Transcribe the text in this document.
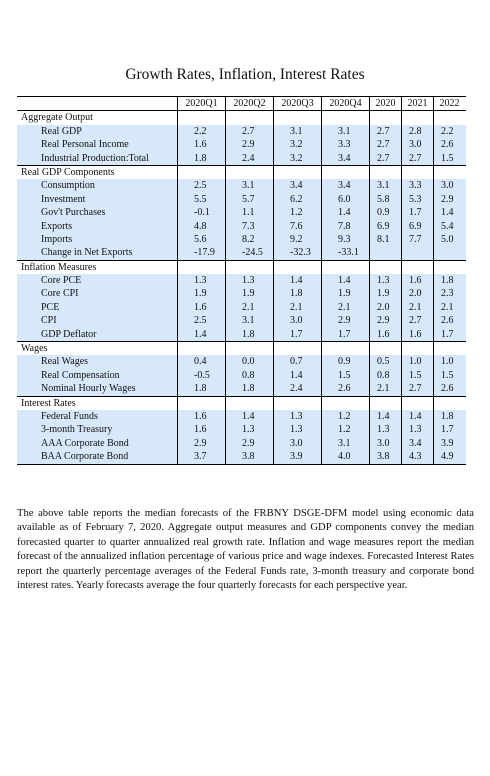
Growth Rates, Inflation, Interest Rates
2020Q1	2020Q2	2020Q3	2020Q4	2020	2021	2022
Aggregate Output
Real GDP	2.2	2.7	3.1	3.1	2.7	2.8	2.2
Real Personal Income	1.6	2.9	3.2	3.3	2.7	3.0	2.6
Industrial Production:Total	1.8	2.4	3.2	3.4	2.7	2.7	1.5
Real GDP Components
Consumption	2.5	3.1	3.4	3.4	3.1	3.3	3.0
Investment	5.5	5.7	6.2	6.0	5.8	5.3	2.9
Gov't Purchases	-0.1	1.1	1.2	1.4	0.9	1.7	1.4
Exports	4.8	7.3	7.6	7.8	6.9	6.9	5.4
Imports	5.6	8.2	9.2	9.3	8.1	7.7	5.0
Change in Net Exports	-17.9	-24.5	-32.3	-33.1
Inflation Measures
Core PCE	1.3	1.3	1.4	1.4	1.3	1.6	1.8
Core CPI	1.9	1.9	1.8	1.9	1.9	2.0	2.3
PCE	1.6	2.1	2.1	2.1	2.0	2.1	2.1
CPI	2.5	3.1	3.0	2.9	2.9	2.7	2.6
GDP Deflator	1.4	1.8	1.7	1.7	1.6	1.6	1.7
Wages
Real Wages	0.4	0.0	0.7	0.9	0.5	1.0	1.0
Real Compensation	-0.5	0.8	1.4	1.5	0.8	1.5	1.5
Nominal Hourly Wages	1.8	1.8	2.4	2.6	2.1	2.7	2.6
Interest Rates
Federal Funds	1.6	1.4	1.3	1.2	1.4	1.4	1.8
3-month Treasury	1.6	1.3	1.3	1.2	1.3	1.3	1.7
AAA Corporate Bond	2.9	2.9	3.0	3.1	3.0	3.4	3.9
BAA Corporate Bond	3.7	3.8	3.9	4.0	3.8	4.3	4.9
The above table reports the median forecasts of the FRBNY DSGE-DFM model using economic data available as of February 7, 2020. Aggregate output measures and GDP components convey the median forecasted quarter to quarter annualized real growth rate. Inflation and wage measures report the median forecast of the annualized inflation percentage of various price and wage indexes. Forecasted Interest Rates report the quarterly percentage averages of the Federal Funds rate, 3-month treasury and corporate bond interest rates. Yearly forecasts average the four quarterly forecasts for each perspective year.
